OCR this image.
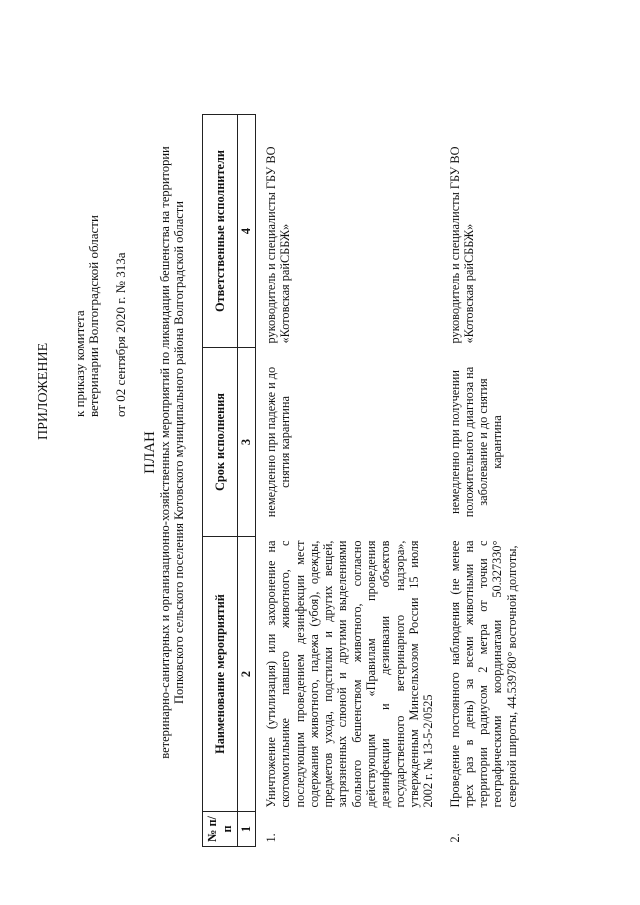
ПРИЛОЖЕНИЕ к приказу комитета ветеринарии Волгоградской области от 02 сентября 2020 г. № 313а
ПЛАН ветеринарно-санитарных и организационно-хозяйственных мероприятий по ликвидации бешенства на территории Попковского сельского поселения Котовского муниципального района Волгоградской области
№ п/п	Наименование мероприятий	Срок исполнения	Ответственные исполнители
1	2	3	4
1.	Уничтожение (утилизация) или захоронение на скотомогильнике павшего животного, с последующим проведением дезинфекции мест содержания животного, падежа (убоя), одежды, предметов ухода, подстилки и других вещей, загрязненных слюной и другими выделениями больного бешенством животного, согласно действующим «Правилам проведения дезинфекции и дезинвазии объектов государственного ветеринарного надзора», утвержденным Минсельхозом России 15 июля 2002 г. № 13-5-2/0525	немедленно при падеже и до снятия карантина	руководитель и специалисты ГБУ ВО «Котовская райСББЖ»
2.	Проведение постоянного наблюдения (не менее трех раз в день) за всеми животными на территории радиусом 2 метра от точки с географическими координатами 50.327330° северной широты, 44.539780° восточной долготы,	немедленно при получении положительного диагноза на заболевание и до снятия карантина	руководитель и специалисты ГБУ ВО «Котовская райСББЖ»
